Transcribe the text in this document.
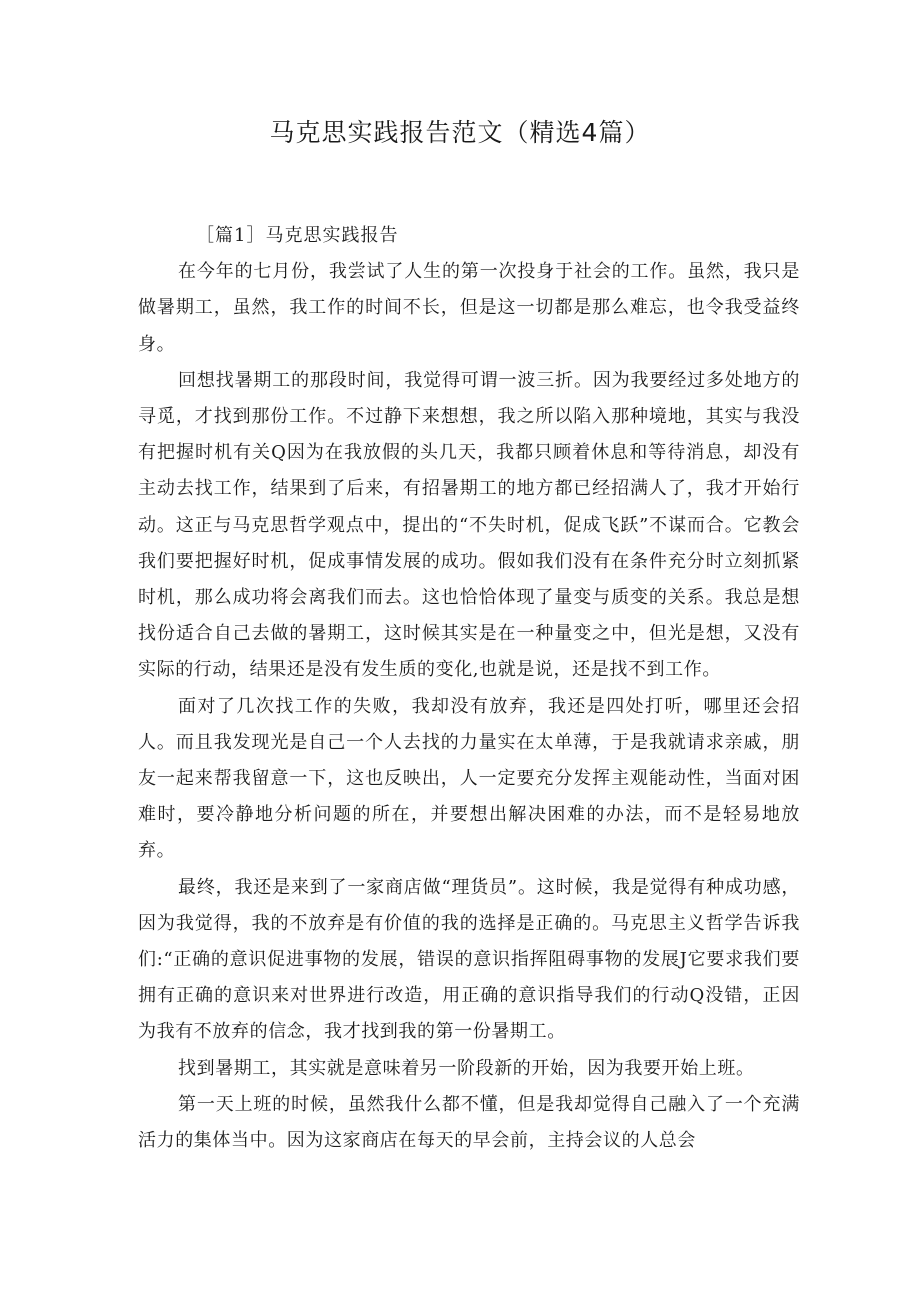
马克思实践报告范文（精选4篇）

［篇1］马克思实践报告

在今年的七月份，我尝试了人生的第一次投身于社会的工作。虽然，我只是做暑期工，虽然，我工作的时间不长，但是这一切都是那么难忘，也令我受益终身。

回想找暑期工的那段时间，我觉得可谓一波三折。因为我要经过多处地方的寻觅，才找到那份工作。不过静下来想想，我之所以陷入那种境地，其实与我没有把握时机有关Q因为在我放假的头几天，我都只顾着休息和等待消息，却没有主动去找工作，结果到了后来，有招暑期工的地方都已经招满人了，我才开始行动。这正与马克思哲学观点中，提出的“不失时机，促成飞跃”不谋而合。它教会我们要把握好时机，促成事情发展的成功。假如我们没有在条件充分时立刻抓紧时机，那么成功将会离我们而去。这也恰恰体现了量变与质变的关系。我总是想找份适合自己去做的暑期工，这时候其实是在一种量变之中，但光是想，又没有实际的行动，结果还是没有发生质的变化,也就是说，还是找不到工作。

面对了几次找工作的失败，我却没有放弃，我还是四处打听，哪里还会招人。而且我发现光是自己一个人去找的力量实在太单薄，于是我就请求亲戚，朋友一起来帮我留意一下，这也反映出，人一定要充分发挥主观能动性，当面对困难时，要冷静地分析问题的所在，并要想出解决困难的办法，而不是轻易地放弃。

最终，我还是来到了一家商店做“理货员”。这时候，我是觉得有种成功感，因为我觉得，我的不放弃是有价值的我的选择是正确的。马克思主义哲学告诉我们:“正确的意识促进事物的发展，错误的意识指挥阻碍事物的发展J它要求我们要拥有正确的意识来对世界进行改造，用正确的意识指导我们的行动Q没错，正因为我有不放弃的信念，我才找到我的第一份暑期工。

找到暑期工，其实就是意味着另一阶段新的开始，因为我要开始上班。

第一天上班的时候，虽然我什么都不懂，但是我却觉得自己融入了一个充满活力的集体当中。因为这家商店在每天的早会前，主持会议的人总会
